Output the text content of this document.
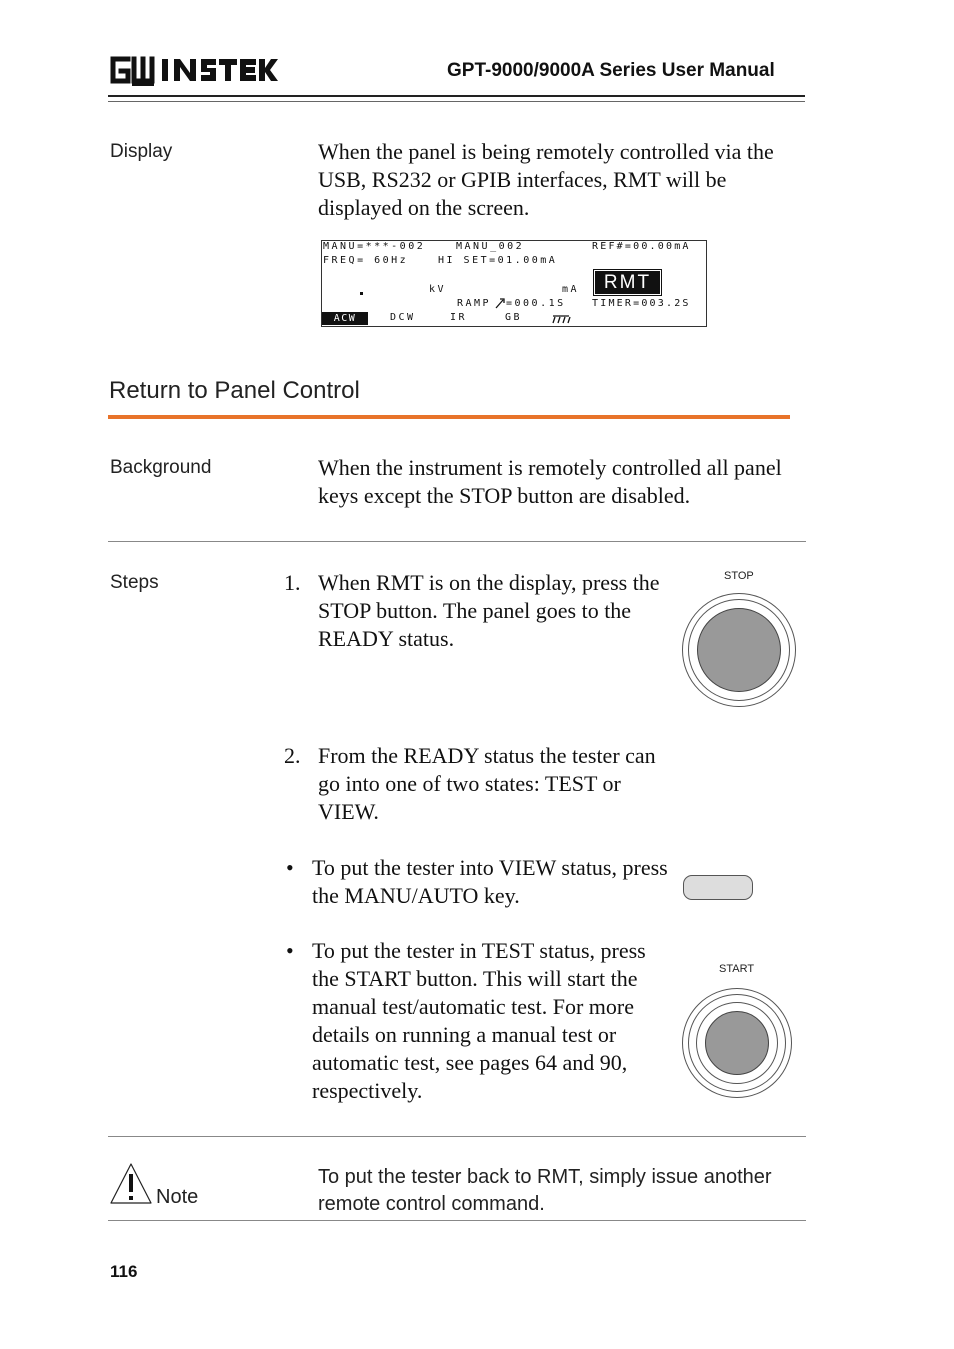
GPT-9000/9000A Series User Manual
Display	When the panel is being remotely controlled via the USB, RS232 or GPIB interfaces, RMT will be displayed on the screen.
MANU=***-002	MANU_002	REF#=00.00mA
FREQ= 60Hz	HI SET=01.00mA
kV	mA	RMT
RAMP =000.1S	TIMER=003.2S
ACW	DCW	IR	GB
Return to Panel Control
Background	When the instrument is remotely controlled all panel keys except the STOP button are disabled.
Steps	1. When RMT is on the display, press the STOP button. The panel goes to the READY status.
STOP
2. From the READY status the tester can go into one of two states: TEST or VIEW.
• To put the tester into VIEW status, press the MANU/AUTO key.
• To put the tester in TEST status, press the START button. This will start the manual test/automatic test. For more details on running a manual test or automatic test, see pages 64 and 90, respectively.
START
Note
To put the tester back to RMT, simply issue another remote control command.
116
